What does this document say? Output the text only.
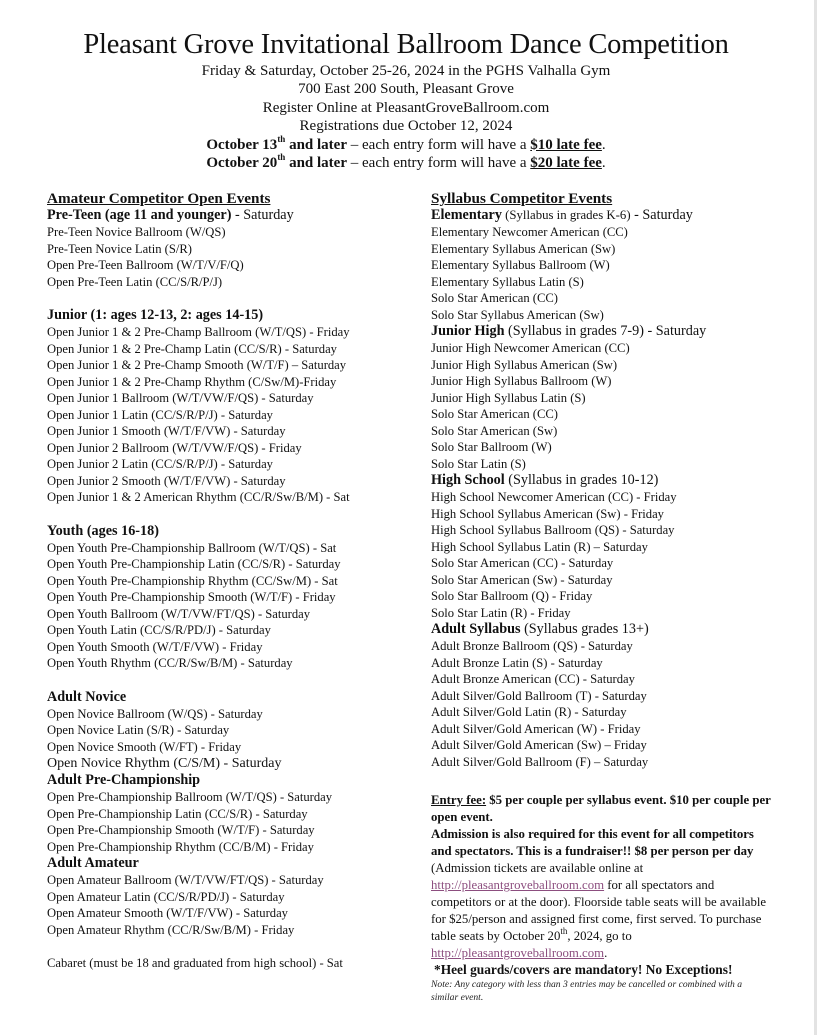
Pleasant Grove Invitational Ballroom Dance Competition
Friday & Saturday, October 25-26, 2024 in the PGHS Valhalla Gym
700 East 200 South, Pleasant Grove
Register Online at PleasantGroveBallroom.com
Registrations due October 12, 2024
October 13th and later – each entry form will have a $10 late fee.
October 20th and later – each entry form will have a $20 late fee.
Amateur Competitor Open Events
Pre-Teen (age 11 and younger) - Saturday
Pre-Teen Novice Ballroom (W/QS)
Pre-Teen Novice Latin (S/R)
Open Pre-Teen Ballroom (W/T/V/F/Q)
Open Pre-Teen Latin (CC/S/R/P/J)
Junior (1: ages 12-13, 2: ages 14-15)
Open Junior 1 & 2 Pre-Champ Ballroom (W/T/QS) - Friday
Open Junior 1 & 2 Pre-Champ Latin (CC/S/R) - Saturday
Open Junior 1 & 2 Pre-Champ Smooth (W/T/F) – Saturday
Open Junior 1 & 2 Pre-Champ Rhythm (C/Sw/M)-Friday
Open Junior 1 Ballroom (W/T/VW/F/QS) - Saturday
Open Junior 1 Latin (CC/S/R/P/J) - Saturday
Open Junior 1 Smooth (W/T/F/VW) - Saturday
Open Junior 2 Ballroom (W/T/VW/F/QS) - Friday
Open Junior 2 Latin (CC/S/R/P/J) - Saturday
Open Junior 2 Smooth (W/T/F/VW) - Saturday
Open Junior 1 & 2 American Rhythm (CC/R/Sw/B/M) - Sat
Youth (ages 16-18)
Open Youth Pre-Championship Ballroom (W/T/QS) - Sat
Open Youth Pre-Championship Latin (CC/S/R) - Saturday
Open Youth Pre-Championship Rhythm (CC/Sw/M) - Sat
Open Youth Pre-Championship Smooth (W/T/F) - Friday
Open Youth Ballroom (W/T/VW/FT/QS) - Saturday
Open Youth Latin (CC/S/R/PD/J) - Saturday
Open Youth Smooth (W/T/F/VW) - Friday
Open Youth Rhythm (CC/R/Sw/B/M) - Saturday
Adult Novice
Open Novice Ballroom (W/QS) - Saturday
Open Novice Latin (S/R) - Saturday
Open Novice Smooth (W/FT) - Friday
Open Novice Rhythm (C/S/M) - Saturday
Adult Pre-Championship
Open Pre-Championship Ballroom (W/T/QS) - Saturday
Open Pre-Championship Latin (CC/S/R) - Saturday
Open Pre-Championship Smooth (W/T/F) - Saturday
Open Pre-Championship Rhythm (CC/B/M) - Friday
Adult Amateur
Open Amateur Ballroom (W/T/VW/FT/QS) - Saturday
Open Amateur Latin (CC/S/R/PD/J) - Saturday
Open Amateur Smooth (W/T/F/VW) - Saturday
Open Amateur Rhythm (CC/R/Sw/B/M) - Friday
Cabaret (must be 18 and graduated from high school) - Sat
Syllabus Competitor Events
Elementary (Syllabus in grades K-6) - Saturday
Elementary Newcomer American (CC)
Elementary Syllabus American (Sw)
Elementary Syllabus Ballroom (W)
Elementary Syllabus Latin (S)
Solo Star American (CC)
Solo Star Syllabus American (Sw)
Junior High (Syllabus in grades 7-9) - Saturday
Junior High Newcomer American (CC)
Junior High Syllabus American (Sw)
Junior High Syllabus Ballroom (W)
Junior High Syllabus Latin (S)
Solo Star American (CC)
Solo Star American (Sw)
Solo Star Ballroom (W)
Solo Star Latin (S)
High School (Syllabus in grades 10-12)
High School Newcomer American (CC) - Friday
High School Syllabus American (Sw) - Friday
High School Syllabus Ballroom (QS) - Saturday
High School Syllabus Latin (R) – Saturday
Solo Star American (CC) - Saturday
Solo Star American (Sw) - Saturday
Solo Star Ballroom (Q) - Friday
Solo Star Latin (R) - Friday
Adult Syllabus (Syllabus grades 13+)
Adult Bronze Ballroom (QS) - Saturday
Adult Bronze Latin (S) - Saturday
Adult Bronze American (CC) - Saturday
Adult Silver/Gold Ballroom (T) - Saturday
Adult Silver/Gold Latin (R) - Saturday
Adult Silver/Gold American (W) - Friday
Adult Silver/Gold American (Sw) – Friday
Adult Silver/Gold Ballroom (F) – Saturday
Entry fee: $5 per couple per syllabus event. $10 per couple per open event.
Admission is also required for this event for all competitors and spectators. This is a fundraiser!! $8 per person per day (Admission tickets are available online at http://pleasantgroveballroom.com for all spectators and competitors or at the door). Floorside table seats will be available for $25/person and assigned first come, first served. To purchase table seats by October 20th, 2024, go to
http://pleasantgroveballroom.com.
*Heel guards/covers are mandatory! No Exceptions!
Note: Any category with less than 3 entries may be cancelled or combined with a similar event.
